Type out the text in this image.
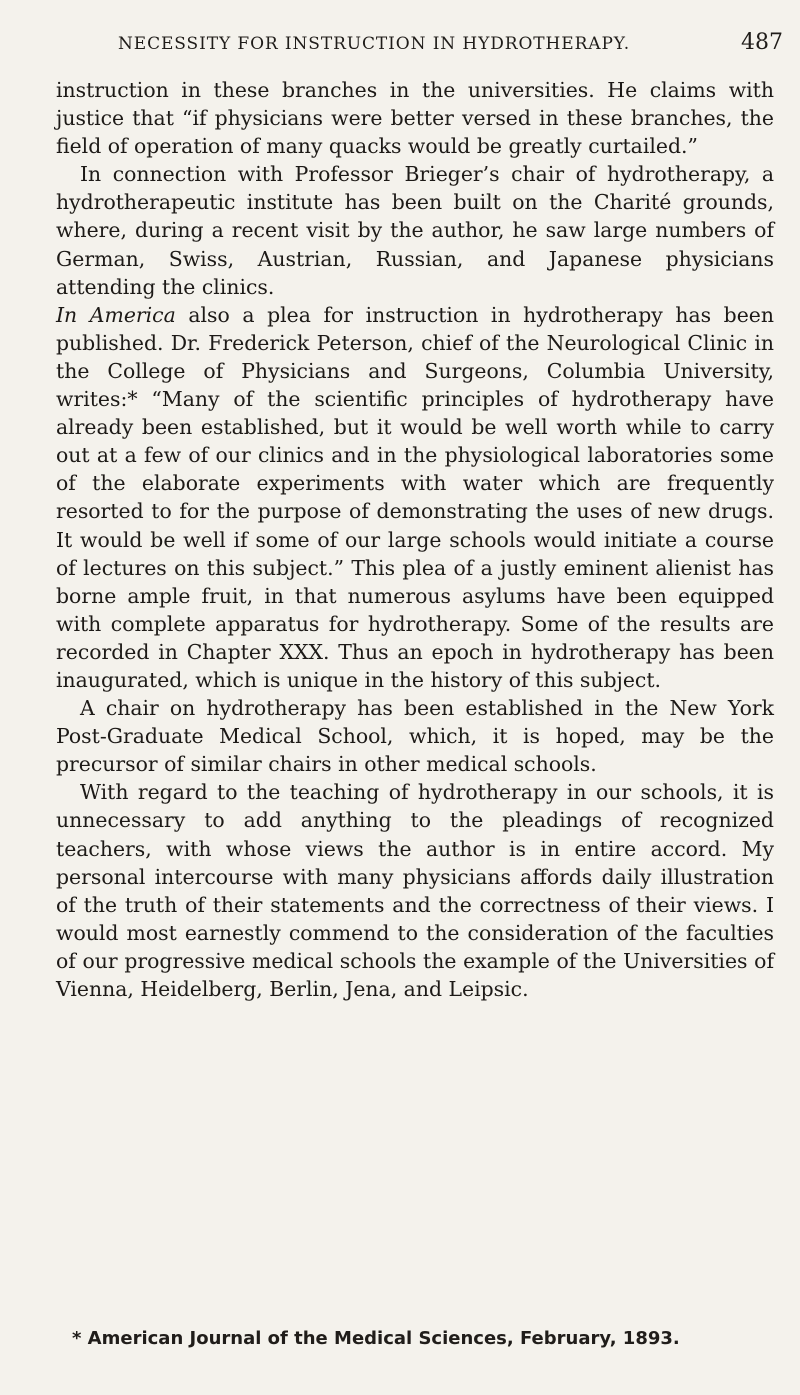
NECESSITY FOR INSTRUCTION IN HYDROTHERAPY.	487

instruction in these branches in the universities. He claims with justice that “if physicians were better versed in these branches, the field of operation of many quacks would be greatly curtailed.”

In connection with Professor Brieger’s chair of hydrotherapy, a hydrotherapeutic institute has been built on the Charité grounds, where, during a recent visit by the author, he saw large numbers of German, Swiss, Austrian, Russian, and Japanese physicians attending the clinics.
In America also a plea for instruction in hydrotherapy has been published. Dr. Frederick Peterson, chief of the Neurological Clinic in the College of Physicians and Surgeons, Columbia University, writes:* “Many of the scientific principles of hydrotherapy have already been established, but it would be well worth while to carry out at a few of our clinics and in the physiological laboratories some of the elaborate experiments with water which are frequently resorted to for the purpose of demonstrating the uses of new drugs. It would be well if some of our large schools would initiate a course of lectures on this subject.” This plea of a justly eminent alienist has borne ample fruit, in that numerous asylums have been equipped with complete apparatus for hydrotherapy. Some of the results are recorded in Chapter XXX. Thus an epoch in hydrotherapy has been inaugurated, which is unique in the history of this subject.

A chair on hydrotherapy has been established in the New York Post-Graduate Medical School, which, it is hoped, may be the precursor of similar chairs in other medical schools.

With regard to the teaching of hydrotherapy in our schools, it is unnecessary to add anything to the pleadings of recognized teachers, with whose views the author is in entire accord. My personal intercourse with many physicians affords daily illustration of the truth of their statements and the correctness of their views. I would most earnestly commend to the consideration of the faculties of our progressive medical schools the example of the Universities of Vienna, Heidelberg, Berlin, Jena, and Leipsic.

* American Journal of the Medical Sciences, February, 1893.
